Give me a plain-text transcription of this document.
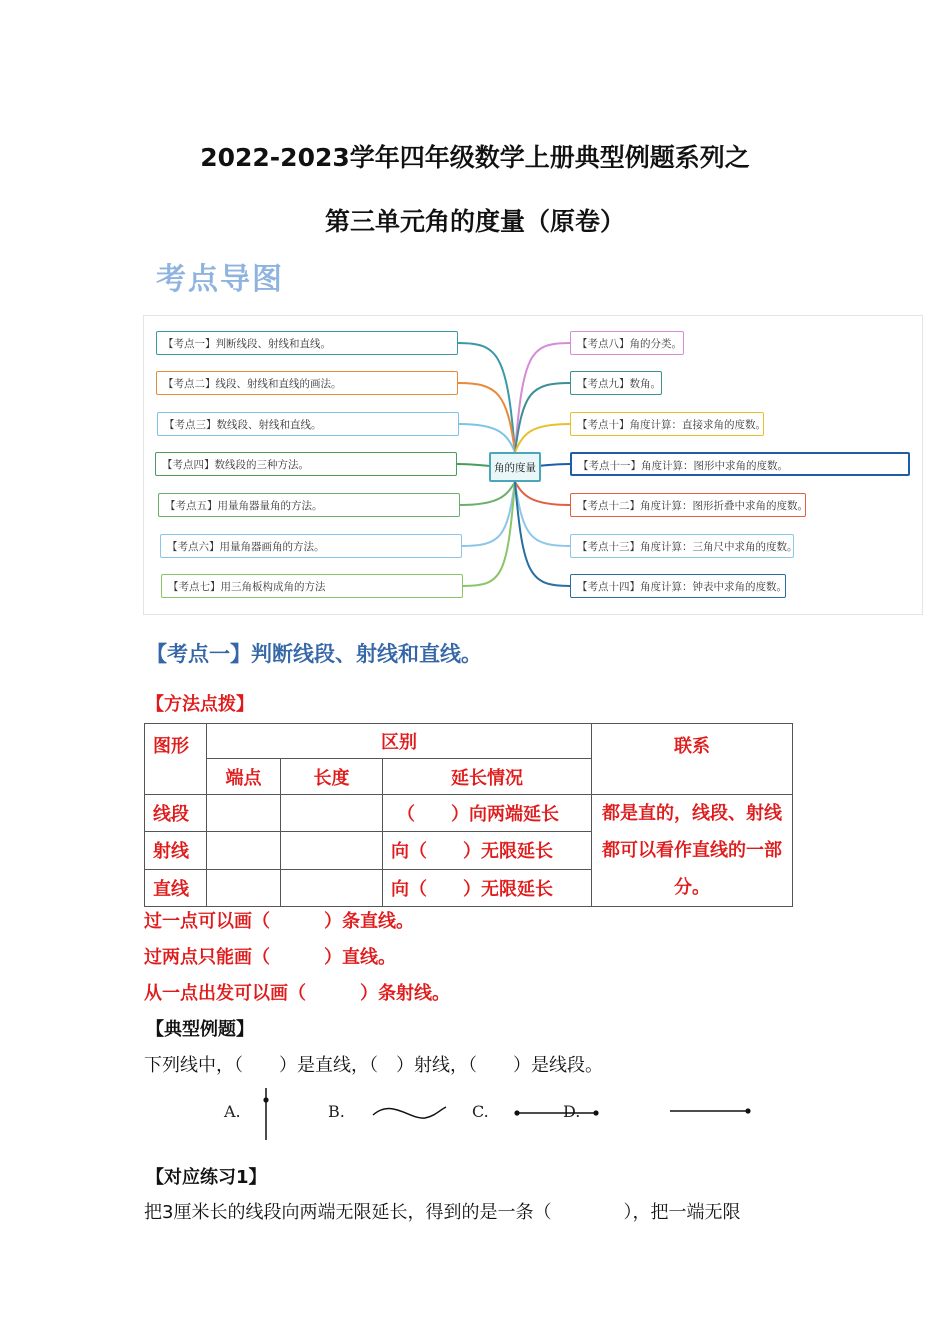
2022-2023学年四年级数学上册典型例题系列之
第三单元角的度量（原卷）
考点导图
【考点一】判断线段、射线和直线。
【考点二】线段、射线和直线的画法。
【考点三】数线段、射线和直线。
【考点四】数线段的三种方法。
【考点五】用量角器量角的方法。
【考点六】用量角器画角的方法。
【考点七】用三角板构成角的方法
【考点八】角的分类。
【考点九】数角。
【考点十】角度计算：直接求角的度数。
【考点十一】角度计算：图形中求角的度数。
【考点十二】角度计算：图形折叠中求角的度数。
【考点十三】角度计算：三角尺中求角的度数。
【考点十四】角度计算：钟表中求角的度数。
角的度量
【考点一】判断线段、射线和直线。
【方法点拨】
图形	区别			联系
	端点	长度	延长情况	
线段			（　　）向两端延长	都是直的，线段、射线都可以看作直线的一部分。
射线			向（　　）无限延长	
直线			向（　　）无限延长	
过一点可以画（　　　）条直线。
过两点只能画（　　　）直线。
从一点出发可以画（　　　）条射线。
【典型例题】
下列线中，（　　）是直线，（　）射线，（　　）是线段。
A.	B.	C.	D.
【对应练习1】
把3厘米长的线段向两端无限延长，得到的是一条（　　　　），把一端无限
